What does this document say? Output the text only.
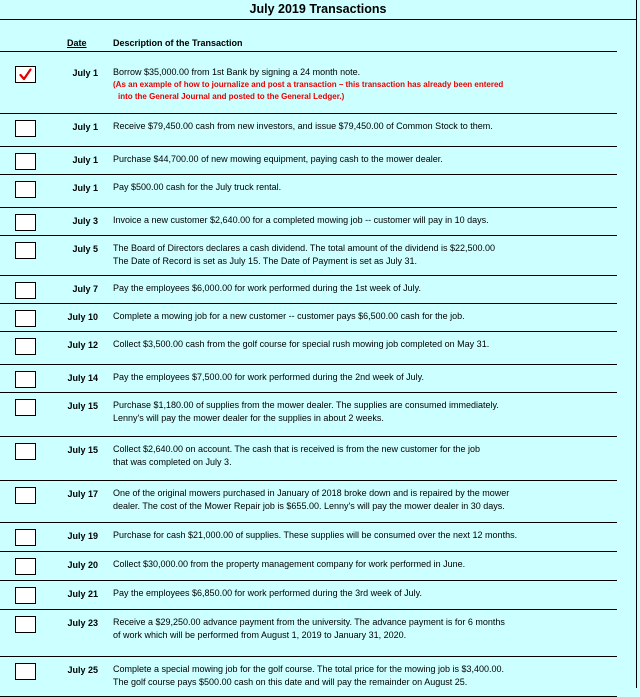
July 2019 Transactions
Date	Description of the Transaction
July 1 Borrow $35,000.00 from 1st Bank by signing a 24 month note.
(As an example of how to journalize and post a transaction – this transaction has already been entered
into the General Journal and posted to the General Ledger.)
July 1 Receive $79,450.00 cash from new investors, and issue $79,450.00 of Common Stock to them.
July 1 Purchase $44,700.00 of new mowing equipment, paying cash to the mower dealer.
July 1 Pay $500.00 cash for the July truck rental.
July 3 Invoice a new customer $2,640.00 for a completed mowing job -- customer will pay in 10 days.
July 5 The Board of Directors declares a cash dividend. The total amount of the dividend is $22,500.00
The Date of Record is set as July 15. The Date of Payment is set as July 31.
July 7 Pay the employees $6,000.00 for work performed during the 1st week of July.
July 10 Complete a mowing job for a new customer -- customer pays $6,500.00 cash for the job.
July 12 Collect $3,500.00 cash from the golf course for special rush mowing job completed on May 31.
July 14 Pay the employees $7,500.00 for work performed during the 2nd week of July.
July 15 Purchase $1,180.00 of supplies from the mower dealer. The supplies are consumed immediately.
Lenny's will pay the mower dealer for the supplies in about 2 weeks.
July 15 Collect $2,640.00 on account. The cash that is received is from the new customer for the job
that was completed on July 3.
July 17 One of the original mowers purchased in January of 2018 broke down and is repaired by the mower
dealer. The cost of the Mower Repair job is $655.00. Lenny's will pay the mower dealer in 30 days.
July 19 Purchase for cash $21,000.00 of supplies. These supplies will be consumed over the next 12 months.
July 20 Collect $30,000.00 from the property management company for work performed in June.
July 21 Pay the employees $6,850.00 for work performed during the 3rd week of July.
July 23 Receive a $29,250.00 advance payment from the university. The advance payment is for 6 months
of work which will be performed from August 1, 2019 to January 31, 2020.
July 25 Complete a special mowing job for the golf course. The total price for the mowing job is $3,400.00.
The golf course pays $500.00 cash on this date and will pay the remainder on August 25.
